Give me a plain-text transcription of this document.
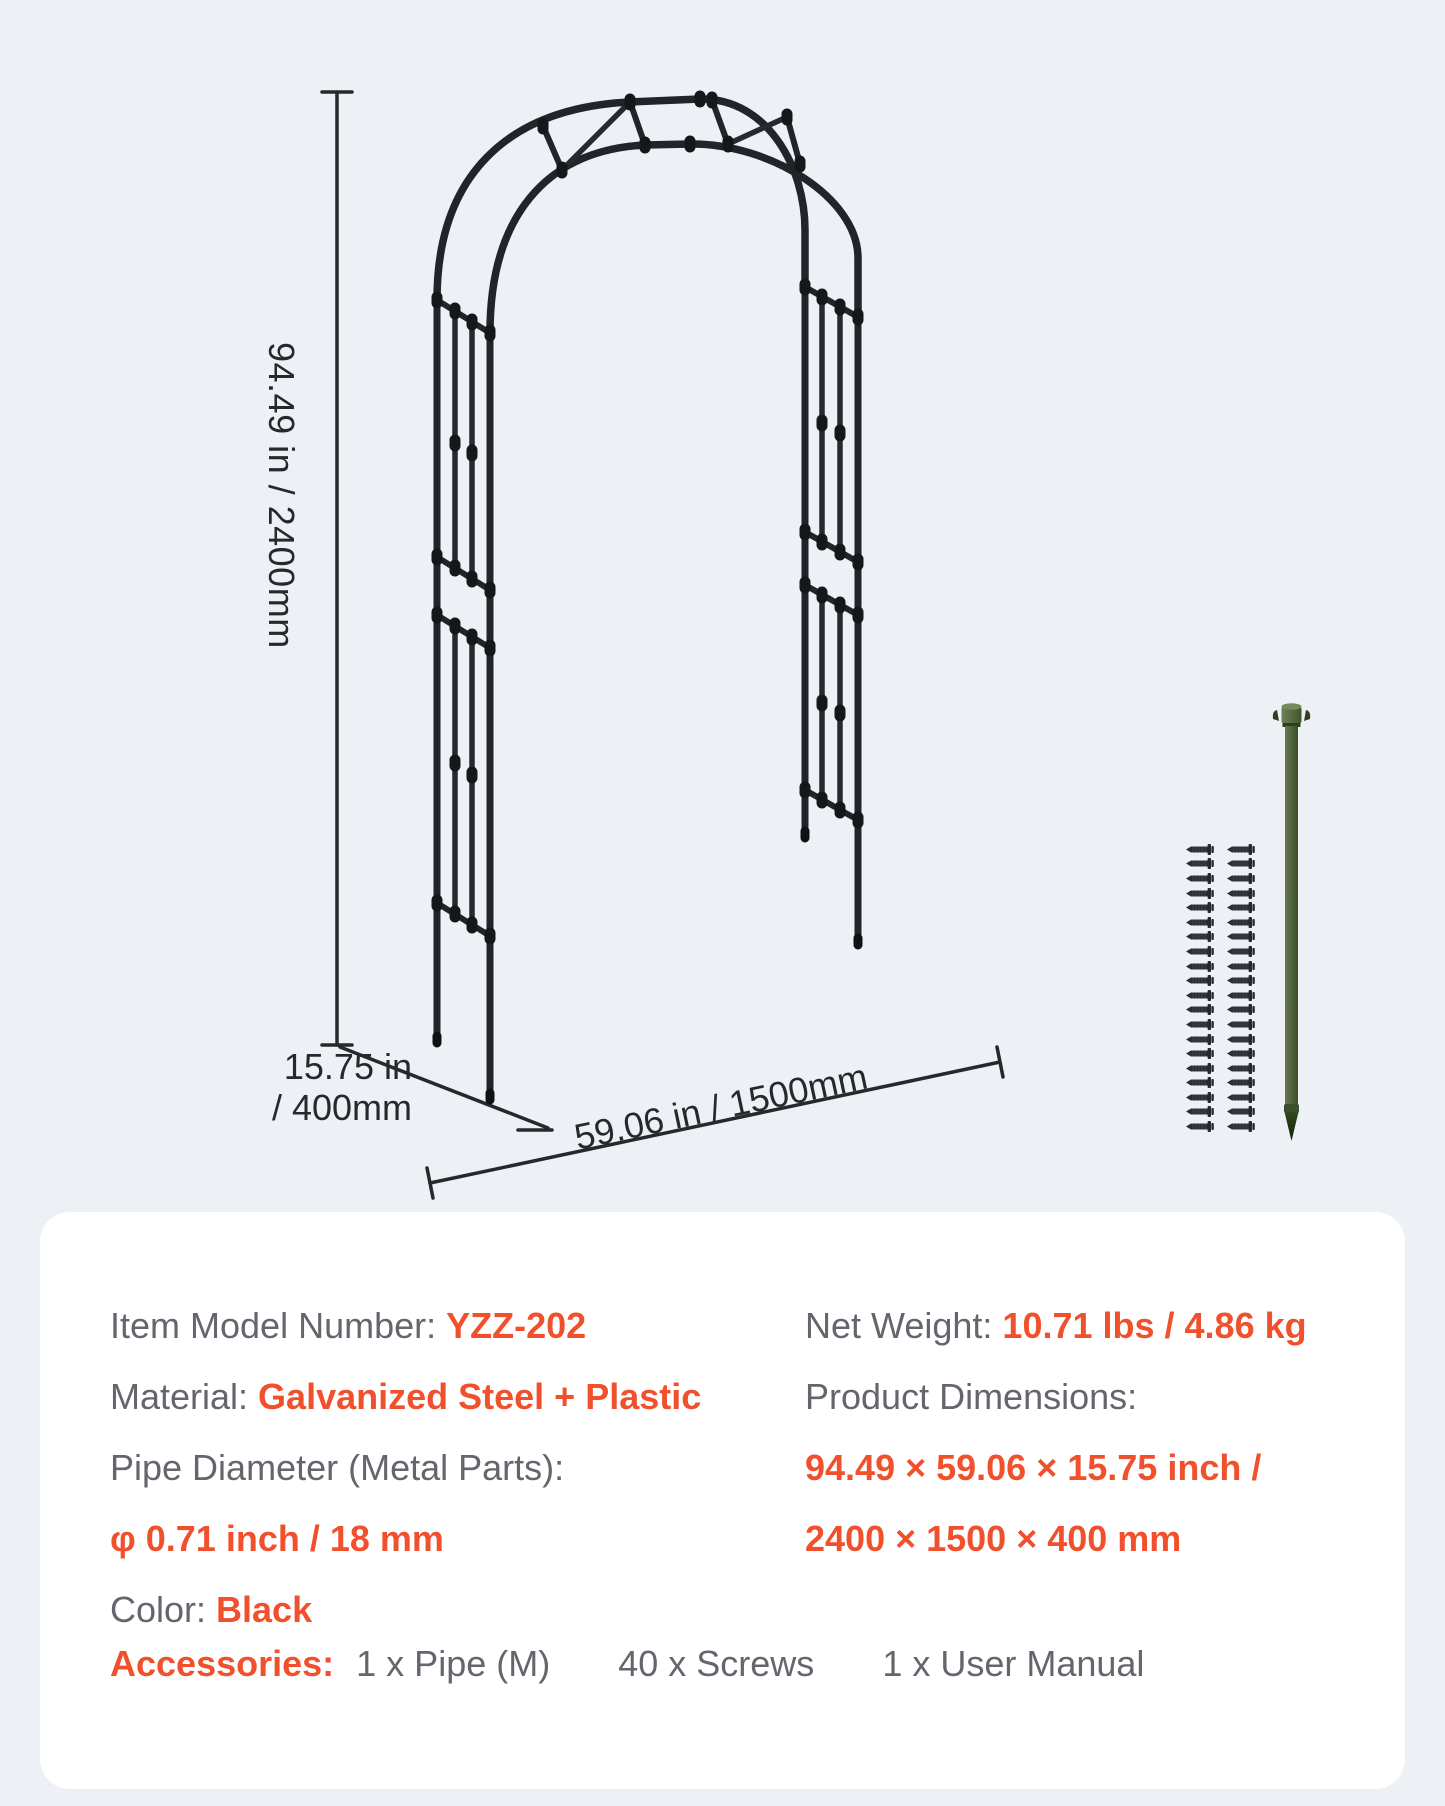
94.49 in / 2400mm
15.75 in
/ 400mm	59.06 in / 1500mm

Item Model Number: YZZ-202

Material: Galvanized Steel + Plastic

Pipe Diameter (Metal Parts):

φ 0.71 inch / 18 mm

Color: Black

Net Weight: 10.71 lbs / 4.86 kg

Product Dimensions:

94.49 × 59.06 × 15.75 inch /

2400 × 1500 × 400 mm

Accessories: 1 x Pipe (M) 40 x Screws 1 x User Manual
